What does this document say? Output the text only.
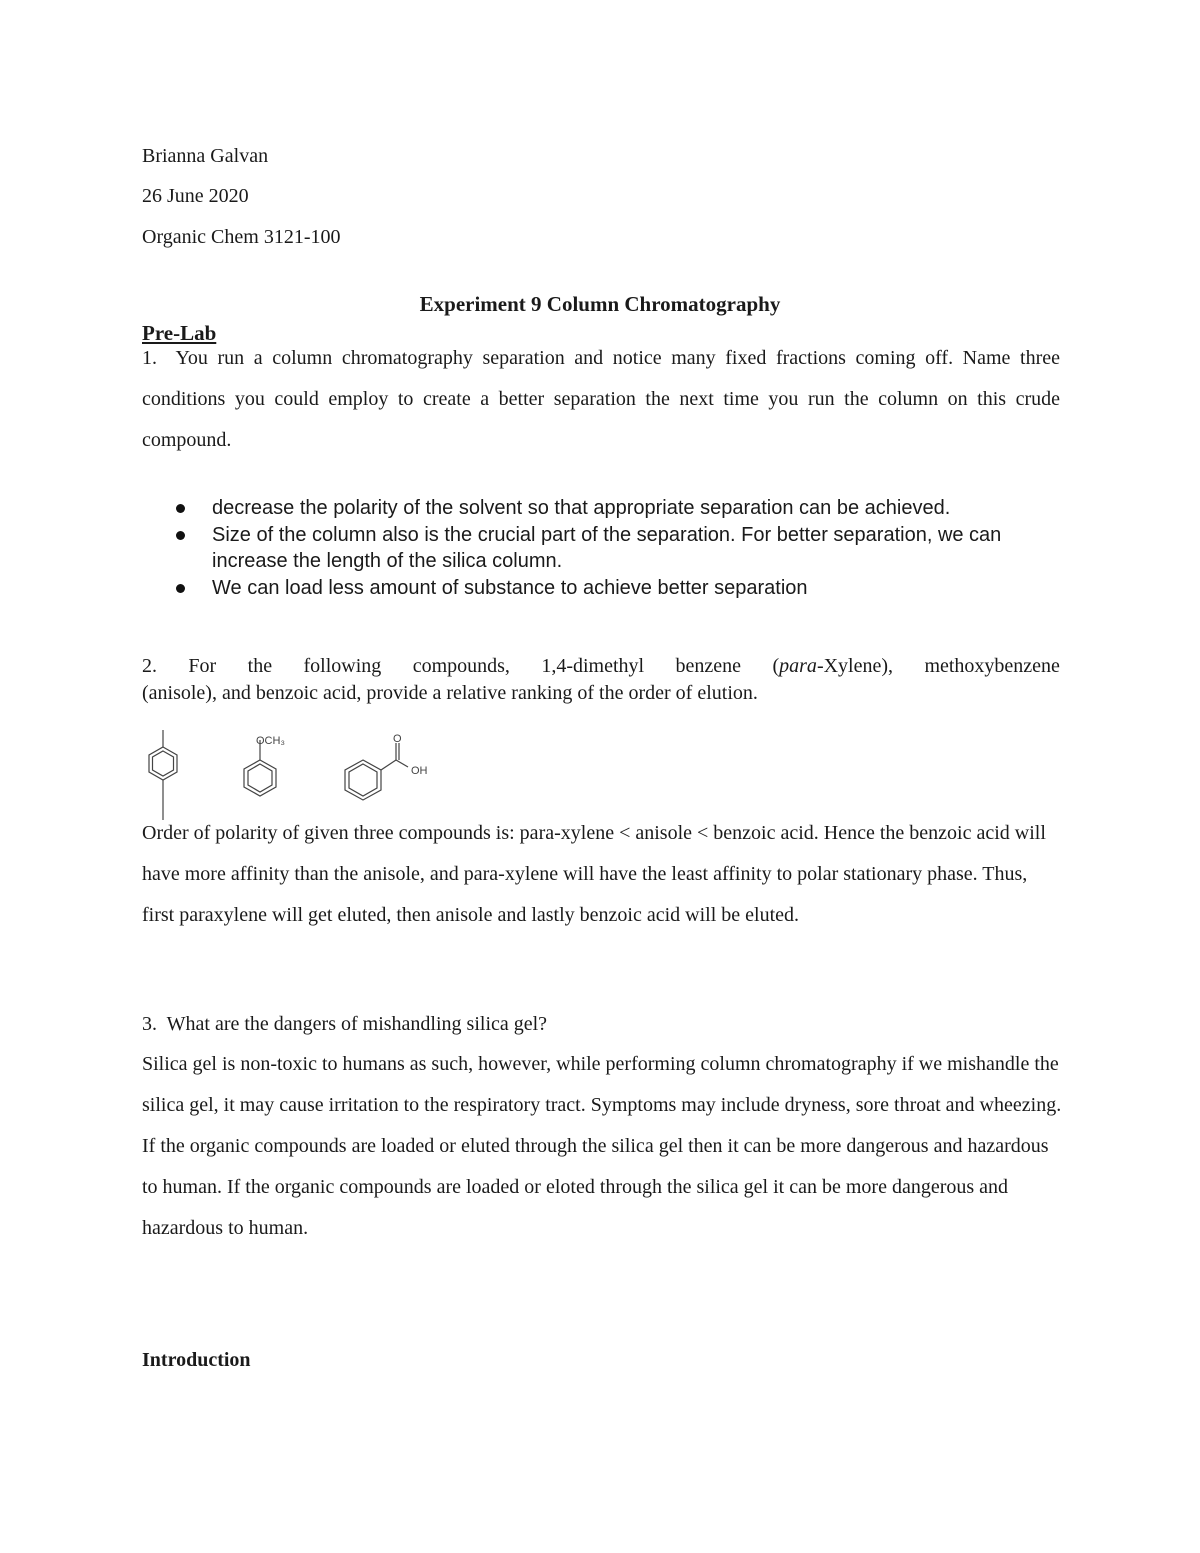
Brianna Galvan
26 June 2020
Organic Chem 3121-100
Experiment 9 Column Chromatography
Pre-Lab
1. You run a column chromatography separation and notice many fixed fractions coming off. Name three conditions you could employ to create a better separation the next time you run the column on this crude compound.
decrease the polarity of the solvent so that appropriate separation can be achieved.
Size of the column also is the crucial part of the separation. For better separation, we can increase the length of the silica column.
We can load less amount of substance to achieve better separation
2. For the following compounds, 1,4-dimethyl benzene (para-Xylene), methoxybenzene
(anisole), and benzoic acid, provide a relative ranking of the order of elution.
OCH₃	O
OH
Order of polarity of given three compounds is: para-xylene < anisole < benzoic acid. Hence the benzoic acid will have more affinity than the anisole, and para-xylene will have the least affinity to polar stationary phase. Thus, first paraxylene will get eluted, then anisole and lastly benzoic acid will be eluted.
3. What are the dangers of mishandling silica gel?
Silica gel is non-toxic to humans as such, however, while performing column chromatography if we mishandle the silica gel, it may cause irritation to the respiratory tract. Symptoms may include dryness, sore throat and wheezing. If the organic compounds are loaded or eluted through the silica gel then it can be more dangerous and hazardous to human. If the organic compounds are loaded or eloted through the silica gel it can be more dangerous and hazardous to human.
Introduction
